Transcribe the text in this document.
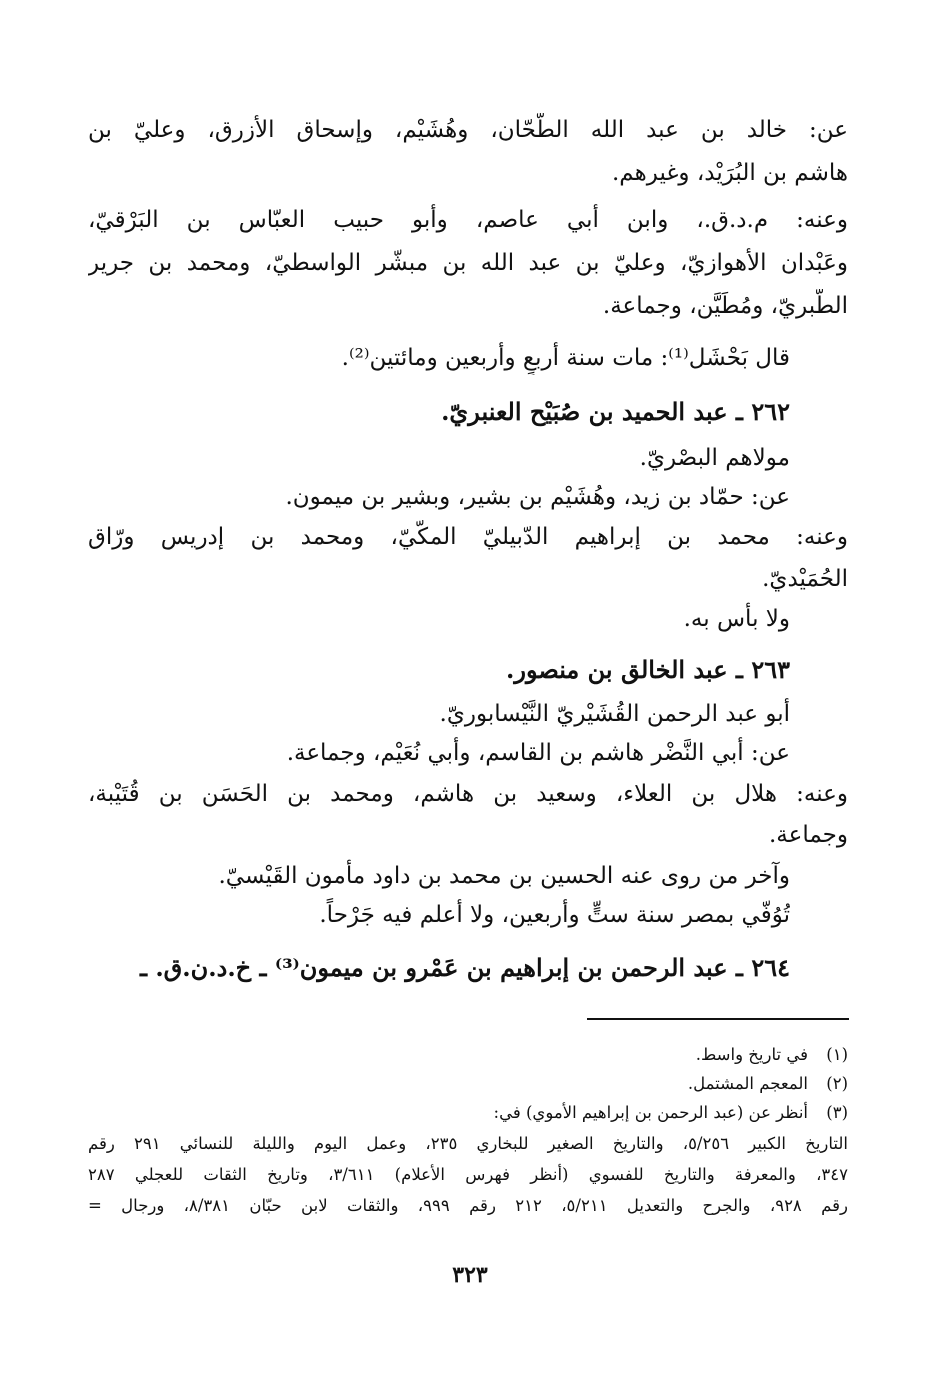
عن: خالد بن عبد الله الطّحّان، وهُشَيْم، وإسحاق الأزرق، وعليّ بن
هاشم بن البُرَيْد، وغيرهم.
وعنه: م.د.ق.، وابن أبي عاصم، وأبو حبيب العبّاس بن البَرْقيّ،
وعَبْدان الأهوازيّ، وعليّ بن عبد الله بن مبشّر الواسطيّ، ومحمد بن جرير
الطّبريّ، ومُطَيَّن، وجماعة.
قال بَحْشَل⁽¹⁾: مات سنة أربعٍ وأربعين ومائتين⁽²⁾.
٢٦٢ ـ عبد الحميد بن صُبَيْح العنبريّ.
مولاهم البصْريّ.
عن: حمّاد بن زيد، وهُشَيْم بن بشير، وبشير بن ميمون.
وعنه: محمد بن إبراهيم الدّبيليّ المكّيّ، ومحمد بن إدريس ورّاق
الحُمَيْديّ.
ولا بأس به.
٢٦٣ ـ عبد الخالق بن منصور.
أبو عبد الرحمن القُشَيْريّ النَّيْسابوريّ.
عن: أبي النَّضْر هاشم بن القاسم، وأبي نُعَيْم، وجماعة.
وعنه: هلال بن العلاء، وسعيد بن هاشم، ومحمد بن الحَسَن بن قُتَيْبة،
وجماعة.
وآخر من روى عنه الحسين بن محمد بن داود مأمون القَيْسيّ.
تُوُفّي بمصر سنة ستٍّ وأربعين، ولا أعلم فيه جَرْحاً.
٢٦٤ ـ عبد الرحمن بن إبراهيم بن عَمْرو بن ميمون⁽³⁾ ـ خ.د.ن.ق. ـ
(١)في تاريخ واسط.
(٢)المعجم المشتمل.
(٣)أنظر عن (عبد الرحمن بن إبراهيم الأموي) في:
التاريخ الكبير ٥/٢٥٦، والتاريخ الصغير للبخاري ٢٣٥، وعمل اليوم والليلة للنسائي ٢٩١ رقم
٣٤٧، والمعرفة والتاريخ للفسوي (أنظر فهرس الأعلام) ٣/٦١١، وتاريخ الثقات للعجلي ٢٨٧
رقم ٩٢٨، والجرح والتعديل ٥/٢١١، ٢١٢ رقم ٩٩٩، والثقات لابن حبّان ٨/٣٨١، ورجال =
٣٢٣
